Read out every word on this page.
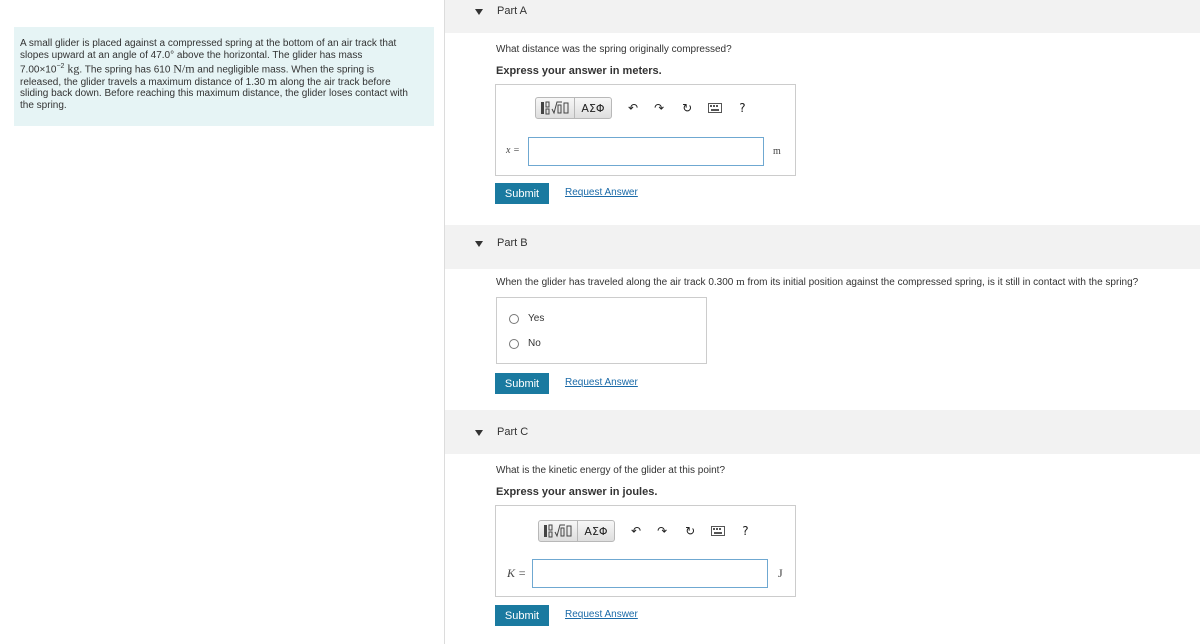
A small glider is placed against a compressed spring at the bottom of an air track that
slopes upward at an angle of 47.0° above the horizontal. The glider has mass
$7.00\times 10^{-2}$ kg. The spring has 610 N/m and negligible mass. When the spring is
released, the glider travels a maximum distance of 1.30 m along the air track before
sliding back down. Before reaching this maximum distance, the glider loses contact with
the spring.
Part A
What distance was the spring originally compressed?
Express your answer in meters.
ΑΣΦ	↶ ↷ ↻	?
x =	m
Submit	Request Answer
Part B
When the glider has traveled along the air track 0.300 m from its initial position against the compressed spring, is it still in contact with the spring?
Yes
No
Submit	Request Answer
Part C
What is the kinetic energy of the glider at this point?
Express your answer in joules.
ΑΣΦ	↶ ↷ ↻	?
K =	J
Submit	Request Answer
